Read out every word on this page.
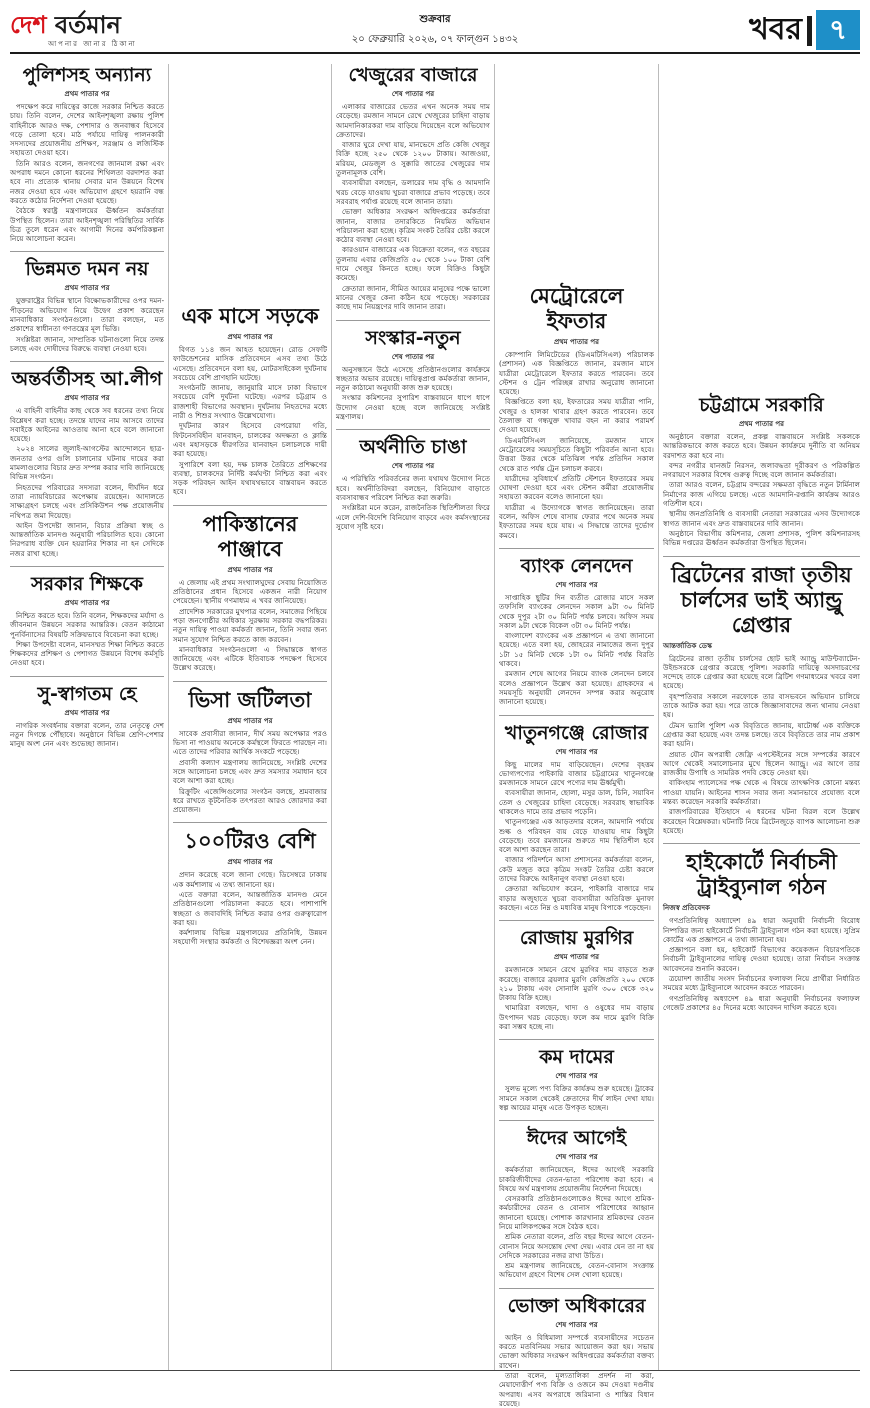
দেশ বর্তমান
আপনার জানার ঠিকানা
শুক্রবার
২০ ফেব্রুয়ারি ২০২৬, ০৭ ফাল্গুন ১৪৩২	খবর ৭
পুলিশসহ অন্যান্য
প্রথম পাতার পর

পদক্ষেপ করে দায়িত্বের কাজে সরকার নিশ্চিত করতে চায়। তিনি বলেন, দেশের আইনশৃঙ্খলা রক্ষায় পুলিশ বাহিনীকে আরও দক্ষ, পেশাদার ও জনবান্ধব হিসেবে গড়ে তোলা হবে। মাঠ পর্যায়ে দায়িত্ব পালনকারী সদস্যদের প্রয়োজনীয় প্রশিক্ষণ, সরঞ্জাম ও লজিস্টিক সহায়তা দেওয়া হবে।

তিনি আরও বলেন, জনগণের জানমাল রক্ষা এবং অপরাধ দমনে কোনো ধরনের শিথিলতা বরদাশত করা হবে না। প্রত্যেক থানায় সেবার মান উন্নয়নে বিশেষ নজর দেওয়া হবে এবং অভিযোগ গ্রহণে হয়রানি বন্ধ করতে কঠোর নির্দেশনা দেওয়া হয়েছে।

বৈঠকে স্বরাষ্ট্র মন্ত্রণালয়ের ঊর্ধ্বতন কর্মকর্তারা উপস্থিত ছিলেন। তারা আইনশৃঙ্খলা পরিস্থিতির সার্বিক চিত্র তুলে ধরেন এবং আগামী দিনের কর্মপরিকল্পনা নিয়ে আলোচনা করেন।

ভিন্নমত দমন নয়
প্রথম পাতার পর

যুক্তরাষ্ট্রের বিভিন্ন স্থানে বিক্ষোভকারীদের ওপর দমন-পীড়নের অভিযোগ নিয়ে উদ্বেগ প্রকাশ করেছেন মানবাধিকার সংগঠনগুলো। তারা বলছেন, মত প্রকাশের স্বাধীনতা গণতন্ত্রের মূল ভিত্তি।

সংশ্লিষ্টরা জানান, সাম্প্রতিক ঘটনাগুলো নিয়ে তদন্ত চলছে এবং দোষীদের বিরুদ্ধে ব্যবস্থা নেওয়া হবে।

অন্তর্বর্তীসহ আ.লীগ
প্রথম পাতার পর

এ বাহিনী বাহিনীর কাছ থেকে সব ধরনের তথ্য নিয়ে বিশ্লেষণ করা হচ্ছে। তদন্তে যাদের নাম আসবে তাদের সবাইকে আইনের আওতায় আনা হবে বলে জানানো হয়েছে।

২০২৪ সালের জুলাই-আগস্টের আন্দোলনে ছাত্র-জনতার ওপর গুলি চালানোর ঘটনায় দায়ের করা মামলাগুলোর বিচার দ্রুত সম্পন্ন করার দাবি জানিয়েছে বিভিন্ন সংগঠন।

নিহতদের পরিবারের সদস্যরা বলেন, দীর্ঘদিন ধরে তারা ন্যায়বিচারের অপেক্ষায় রয়েছেন। আদালতে সাক্ষ্যগ্রহণ চলছে এবং প্রসিকিউশন পক্ষ প্রয়োজনীয় নথিপত্র জমা দিয়েছে।

আইন উপদেষ্টা জানান, বিচার প্রক্রিয়া স্বচ্ছ ও আন্তর্জাতিক মানদণ্ড অনুযায়ী পরিচালিত হবে। কোনো নিরপরাধ ব্যক্তি যেন হয়রানির শিকার না হন সেদিকে নজর রাখা হচ্ছে।

সরকার শিক্ষকে
প্রথম পাতার পর

নিশ্চিত করতে হবে। তিনি বলেন, শিক্ষকদের মর্যাদা ও জীবনমান উন্নয়নে সরকার আন্তরিক। বেতন কাঠামো পুনর্বিন্যাসের বিষয়টি সক্রিয়ভাবে বিবেচনা করা হচ্ছে।

শিক্ষা উপদেষ্টা বলেন, মানসম্মত শিক্ষা নিশ্চিত করতে শিক্ষকদের প্রশিক্ষণ ও পেশাগত উন্নয়নে বিশেষ কর্মসূচি নেওয়া হবে।

সু-স্বাগতম হে
প্রথম পাতার পর

নাগরিক সংবর্ধনায় বক্তারা বলেন, তার নেতৃত্বে দেশ নতুন দিগন্তে পৌঁছাবে। অনুষ্ঠানে বিভিন্ন শ্রেণি-পেশার মানুষ অংশ নেন এবং শুভেচ্ছা জানান।

এক মাসে সড়কে
প্রথম পাতার পর

বিগত ১১৪ জন আহত হয়েছেন। রোড সেফটি ফাউন্ডেশনের মাসিক প্রতিবেদনে এসব তথ্য উঠে এসেছে। প্রতিবেদনে বলা হয়, মোটরসাইকেল দুর্ঘটনায় সবচেয়ে বেশি প্রাণহানি ঘটেছে।

সংগঠনটি জানায়, জানুয়ারি মাসে ঢাকা বিভাগে সবচেয়ে বেশি দুর্ঘটনা ঘটেছে। এরপর চট্টগ্রাম ও রাজশাহী বিভাগের অবস্থান। দুর্ঘটনায় নিহতদের মধ্যে নারী ও শিশুর সংখ্যাও উল্লেখযোগ্য।

দুর্ঘটনার কারণ হিসেবে বেপরোয়া গতি, ফিটনেসবিহীন যানবাহন, চালকের অদক্ষতা ও ক্লান্তি এবং মহাসড়কে ধীরগতির যানবাহন চলাচলকে দায়ী করা হয়েছে।

সুপারিশে বলা হয়, দক্ষ চালক তৈরিতে প্রশিক্ষণের ব্যবস্থা, চালকদের নির্দিষ্ট কর্মঘণ্টা নিশ্চিত করা এবং সড়ক পরিবহন আইন যথাযথভাবে বাস্তবায়ন করতে হবে।

পাকিস্তানের পাঞ্জাবে
প্রথম পাতার পর

এ জেলায় এই প্রথম সংখ্যালঘুদের সেবায় নিয়োজিত প্রতিষ্ঠানের প্রধান হিসেবে একজন নারী নিয়োগ পেয়েছেন। স্থানীয় গণমাধ্যম এ খবর জানিয়েছে।

প্রাদেশিক সরকারের মুখপাত্র বলেন, সমাজের পিছিয়ে পড়া জনগোষ্ঠীর অধিকার সুরক্ষায় সরকার বদ্ধপরিকর। নতুন দায়িত্ব পাওয়া কর্মকর্তা জানান, তিনি সবার জন্য সমান সুযোগ নিশ্চিত করতে কাজ করবেন।

মানবাধিকার সংগঠনগুলো এ সিদ্ধান্তকে স্বাগত জানিয়েছে এবং এটিকে ইতিবাচক পদক্ষেপ হিসেবে উল্লেখ করেছে।

ভিসা জটিলতা
প্রথম পাতার পর

সাবেক প্রবাসীরা জানান, দীর্ঘ সময় অপেক্ষার পরও ভিসা না পাওয়ায় অনেকে কর্মস্থলে ফিরতে পারছেন না। এতে তাদের পরিবার আর্থিক সংকটে পড়েছে।

প্রবাসী কল্যাণ মন্ত্রণালয় জানিয়েছে, সংশ্লিষ্ট দেশের সঙ্গে আলোচনা চলছে এবং দ্রুত সমস্যার সমাধান হবে বলে আশা করা হচ্ছে।

রিক্রুটিং এজেন্সিগুলোর সংগঠন বলছে, শ্রমবাজার ধরে রাখতে কূটনৈতিক তৎপরতা আরও জোরদার করা প্রয়োজন।

১০০টিরও বেশি
প্রথম পাতার পর

প্রদান করেছে বলে জানা গেছে। ডিসেম্বরে ঢাকায় এক কর্মশালায় এ তথ্য জানানো হয়।

এতে বক্তারা বলেন, আন্তর্জাতিক মানদণ্ড মেনে প্রতিষ্ঠানগুলো পরিচালনা করতে হবে। পাশাপাশি স্বচ্ছতা ও জবাবদিহি নিশ্চিত করার ওপর গুরুত্বারোপ করা হয়।

কর্মশালায় বিভিন্ন মন্ত্রণালয়ের প্রতিনিধি, উন্নয়ন সহযোগী সংস্থার কর্মকর্তা ও বিশেষজ্ঞরা অংশ নেন।

খেজুরের বাজারে
শেষ পাতার পর

এলাকার বাজারের ভেতর এখন অনেক সময় দাম বেড়েছে। রমজান সামনে রেখে খেজুরের চাহিদা বাড়ায় আমদানিকারকরা দাম বাড়িয়ে দিয়েছেন বলে অভিযোগ ক্রেতাদের।

বাজার ঘুরে দেখা যায়, মানভেদে প্রতি কেজি খেজুর বিক্রি হচ্ছে ২৫০ থেকে ১২০০ টাকায়। আজওয়া, মরিয়ম, মেডজুল ও সুক্কারি জাতের খেজুরের দাম তুলনামূলক বেশি।

ব্যবসায়ীরা বলছেন, ডলারের দাম বৃদ্ধি ও আমদানি খরচ বেড়ে যাওয়ায় খুচরা বাজারে প্রভাব পড়েছে। তবে সরবরাহ পর্যাপ্ত রয়েছে বলে জানান তারা।

ভোক্তা অধিকার সংরক্ষণ অধিদপ্তরের কর্মকর্তারা জানান, বাজার তদারকিতে নিয়মিত অভিযান পরিচালনা করা হচ্ছে। কৃত্রিম সংকট তৈরির চেষ্টা করলে কঠোর ব্যবস্থা নেওয়া হবে।

কারওয়ান বাজারের এক বিক্রেতা বলেন, গত বছরের তুলনায় এবার কেজিপ্রতি ৫০ থেকে ১০০ টাকা বেশি দামে খেজুর কিনতে হচ্ছে। ফলে বিক্রিও কিছুটা কমেছে।

ক্রেতারা জানান, সীমিত আয়ের মানুষের পক্ষে ভালো মানের খেজুর কেনা কঠিন হয়ে পড়েছে। সরকারের কাছে দাম নিয়ন্ত্রণের দাবি জানান তারা।

সংস্কার-নতুন
শেষ পাতার পর

অনুসন্ধানে উঠে এসেছে প্রতিষ্ঠানগুলোর কার্যক্রমে স্বচ্ছতার অভাব রয়েছে। দায়িত্বপ্রাপ্ত কর্মকর্তারা জানান, নতুন কাঠামো অনুযায়ী কাজ শুরু হয়েছে।

সংস্কার কমিশনের সুপারিশ বাস্তবায়নে ধাপে ধাপে উদ্যোগ নেওয়া হচ্ছে বলে জানিয়েছে সংশ্লিষ্ট মন্ত্রণালয়।

অর্থনীতি চাঙা
শেষ পাতার পর

এ পরিস্থিতি পরিবর্তনের জন্য যথাযথ উদ্যোগ নিতে হবে। অর্থনীতিবিদরা বলছেন, বিনিয়োগ বাড়াতে ব্যবসাবান্ধব পরিবেশ নিশ্চিত করা জরুরি।

সংশ্লিষ্টরা মনে করেন, রাজনৈতিক স্থিতিশীলতা ফিরে এলে দেশি-বিদেশি বিনিয়োগ বাড়বে এবং কর্মসংস্থানের সুযোগ সৃষ্টি হবে।

মেট্রোরেলে ইফতার
প্রথম পাতার পর

কোম্পানি লিমিটেডের (ডিএমটিসিএল) পরিচালক (প্রশাসন) এক বিজ্ঞপ্তিতে জানান, রমজান মাসে যাত্রীরা মেট্রোরেলে ইফতার করতে পারবেন। তবে স্টেশন ও ট্রেন পরিচ্ছন্ন রাখার অনুরোধ জানানো হয়েছে।

বিজ্ঞপ্তিতে বলা হয়, ইফতারের সময় যাত্রীরা পানি, খেজুর ও হালকা খাবার গ্রহণ করতে পারবেন। তবে তৈলাক্ত বা গন্ধযুক্ত খাবার বহন না করার পরামর্শ দেওয়া হয়েছে।

ডিএমটিসিএল জানিয়েছে, রমজান মাসে মেট্রোরেলের সময়সূচিতে কিছুটা পরিবর্তন আনা হবে। উত্তরা উত্তর থেকে মতিঝিল পর্যন্ত প্রতিদিন সকাল থেকে রাত পর্যন্ত ট্রেন চলাচল করবে।

যাত্রীদের সুবিধার্থে প্রতিটি স্টেশনে ইফতারের সময় ঘোষণা দেওয়া হবে এবং স্টেশন কর্মীরা প্রয়োজনীয় সহায়তা করবেন বলেও জানানো হয়।

যাত্রীরা এ উদ্যোগকে স্বাগত জানিয়েছেন। তারা বলেন, অফিস শেষে বাসায় ফেরার পথে অনেক সময় ইফতারের সময় হয়ে যায়। এ সিদ্ধান্তে তাদের দুর্ভোগ কমবে।

ব্যাংক লেনদেন
শেষ পাতার পর

সাপ্তাহিক ছুটির দিন ব্যতীত রোজার মাসে সকল তফসিলি ব্যাংকের লেনদেন সকাল ৯টা ৩০ মিনিট থেকে দুপুর ২টা ৩০ মিনিট পর্যন্ত চলবে। অফিস সময় সকাল ৯টা থেকে বিকেল ৩টা ৩০ মিনিট পর্যন্ত।

বাংলাদেশ ব্যাংকের এক প্রজ্ঞাপনে এ তথ্য জানানো হয়েছে। এতে বলা হয়, জোহরের নামাজের জন্য দুপুর ১টা ১৫ মিনিট থেকে ১টা ৩০ মিনিট পর্যন্ত বিরতি থাকবে।

রমজান শেষে আগের নিয়মে ব্যাংক লেনদেন চলবে বলেও প্রজ্ঞাপনে উল্লেখ করা হয়েছে। গ্রাহকদের এ সময়সূচি অনুযায়ী লেনদেন সম্পন্ন করার অনুরোধ জানানো হয়েছে।

খাতুনগঞ্জে রোজার
শেষ পাতার পর

কিছু মালের দাম বাড়িয়েছেন। দেশের বৃহত্তম ভোগ্যপণ্যের পাইকারি বাজার চট্টগ্রামের খাতুনগঞ্জে রমজানকে সামনে রেখে পণ্যের দাম ঊর্ধ্বমুখী।

ব্যবসায়ীরা জানান, ছোলা, মসুর ডাল, চিনি, সয়াবিন তেল ও খেজুরের চাহিদা বেড়েছে। সরবরাহ স্বাভাবিক থাকলেও দামে তার প্রভাব পড়েনি।

খাতুনগঞ্জের এক আড়তদার বলেন, আমদানি পর্যায়ে শুল্ক ও পরিবহন ব্যয় বেড়ে যাওয়ায় দাম কিছুটা বেড়েছে। তবে রমজানের শুরুতে দাম স্থিতিশীল হবে বলে আশা করছেন তারা।

বাজার পরিদর্শনে আসা প্রশাসনের কর্মকর্তারা বলেন, কেউ মজুত করে কৃত্রিম সংকট তৈরির চেষ্টা করলে তাদের বিরুদ্ধে আইনানুগ ব্যবস্থা নেওয়া হবে।

ক্রেতারা অভিযোগ করেন, পাইকারি বাজারে দাম বাড়ার অজুহাতে খুচরা ব্যবসায়ীরা অতিরিক্ত মুনাফা করছেন। এতে নিম্ন ও মধ্যবিত্ত মানুষ বিপাকে পড়েছেন।

রোজায় মুরগির
প্রথম পাতার পর

রমজানকে সামনে রেখে মুরগির দাম বাড়তে শুরু করেছে। বাজারে ব্রয়লার মুরগি কেজিপ্রতি ২০০ থেকে ২১০ টাকায় এবং সোনালি মুরগি ৩০০ থেকে ৩২০ টাকায় বিক্রি হচ্ছে।

খামারিরা বলছেন, খাদ্য ও ওষুধের দাম বাড়ায় উৎপাদন খরচ বেড়েছে। ফলে কম দামে মুরগি বিক্রি করা সম্ভব হচ্ছে না।

কম দামের
শেষ পাতার পর

সুলভ মূল্যে পণ্য বিক্রির কার্যক্রম শুরু হয়েছে। ট্রাকের সামনে সকাল থেকেই ক্রেতাদের দীর্ঘ লাইন দেখা যায়। স্বল্প আয়ের মানুষ এতে উপকৃত হচ্ছেন।

ঈদের আগেই
শেষ পাতার পর

কর্মকর্তারা জানিয়েছেন, ঈদের আগেই সরকারি চাকরিজীবীদের বেতন-ভাতা পরিশোধ করা হবে। এ বিষয়ে অর্থ মন্ত্রণালয় প্রয়োজনীয় নির্দেশনা দিয়েছে।

বেসরকারি প্রতিষ্ঠানগুলোকেও ঈদের আগে শ্রমিক-কর্মচারীদের বেতন ও বোনাস পরিশোধের আহ্বান জানানো হয়েছে। পোশাক কারখানার শ্রমিকদের বেতন নিয়ে মালিকপক্ষের সঙ্গে বৈঠক হবে।

শ্রমিক নেতারা বলেন, প্রতি বছর ঈদের আগে বেতন-বোনাস নিয়ে অসন্তোষ দেখা দেয়। এবার যেন তা না হয় সেদিকে সরকারের নজর রাখা উচিত।

শ্রম মন্ত্রণালয় জানিয়েছে, বেতন-বোনাস সংক্রান্ত অভিযোগ গ্রহণে বিশেষ সেল খোলা হয়েছে।

ভোক্তা অধিকারের
শেষ পাতার পর

আইন ও বিধিমালা সম্পর্কে ব্যবসায়ীদের সচেতন করতে মতবিনিময় সভার আয়োজন করা হয়। সভায় ভোক্তা অধিকার সংরক্ষণ অধিদপ্তরের কর্মকর্তারা বক্তব্য রাখেন।

তারা বলেন, মূল্যতালিকা প্রদর্শন না করা, মেয়াদোত্তীর্ণ পণ্য বিক্রি ও ওজনে কম দেওয়া দণ্ডনীয় অপরাধ। এসব অপরাধে জরিমানা ও শাস্তির বিধান রয়েছে।

চট্টগ্রামে সরকারি
প্রথম পাতার পর

অনুষ্ঠানে বক্তারা বলেন, প্রকল্প বাস্তবায়নে সংশ্লিষ্ট সকলকে আন্তরিকভাবে কাজ করতে হবে। উন্নয়ন কার্যক্রমে দুর্নীতি বা অনিয়ম বরদাশত করা হবে না।

বন্দর নগরীর যানজট নিরসন, জলাবদ্ধতা দূরীকরণ ও পরিকল্পিত নগরায়ণে সরকার বিশেষ গুরুত্ব দিচ্ছে বলে জানান কর্মকর্তারা।

তারা আরও বলেন, চট্টগ্রাম বন্দরের সক্ষমতা বৃদ্ধিতে নতুন টার্মিনাল নির্মাণের কাজ এগিয়ে চলছে। এতে আমদানি-রপ্তানি কার্যক্রম আরও গতিশীল হবে।

স্থানীয় জনপ্রতিনিধি ও ব্যবসায়ী নেতারা সরকারের এসব উদ্যোগকে স্বাগত জানান এবং দ্রুত বাস্তবায়নের দাবি জানান।

অনুষ্ঠানে বিভাগীয় কমিশনার, জেলা প্রশাসক, পুলিশ কমিশনারসহ বিভিন্ন দপ্তরের ঊর্ধ্বতন কর্মকর্তারা উপস্থিত ছিলেন।

ব্রিটেনের রাজা তৃতীয় চার্লসের ভাই অ্যান্ড্রু গ্রেপ্তার
আন্তর্জাতিক ডেস্ক

ব্রিটেনের রাজা তৃতীয় চার্লসের ছোট ভাই অ্যান্ড্রু মাউন্টব্যাটেন-উইন্ডসরকে গ্রেপ্তার করেছে পুলিশ। সরকারি দায়িত্বে অসদাচরণের সন্দেহে তাকে গ্রেপ্তার করা হয়েছে বলে ব্রিটিশ গণমাধ্যমের খবরে বলা হয়েছে।

বৃহস্পতিবার সকালে নরফোকে তার বাসভবনে অভিযান চালিয়ে তাকে আটক করা হয়। পরে তাকে জিজ্ঞাসাবাদের জন্য থানায় নেওয়া হয়।

টেমস ভ্যালি পুলিশ এক বিবৃতিতে জানায়, ষাটোর্ধ্ব এক ব্যক্তিকে গ্রেপ্তার করা হয়েছে এবং তদন্ত চলছে। তবে বিবৃতিতে তার নাম প্রকাশ করা হয়নি।

প্রয়াত যৌন অপরাধী জেফ্রি এপস্টেইনের সঙ্গে সম্পর্কের কারণে আগে থেকেই সমালোচনার মুখে ছিলেন অ্যান্ড্রু। এর আগে তার রাজকীয় উপাধি ও সামরিক পদবি কেড়ে নেওয়া হয়।

বাকিংহাম প্যালেসের পক্ষ থেকে এ বিষয়ে তাৎক্ষণিক কোনো মন্তব্য পাওয়া যায়নি। আইনের শাসন সবার জন্য সমানভাবে প্রযোজ্য বলে মন্তব্য করেছেন সরকারি কর্মকর্তারা।

রাজপরিবারের ইতিহাসে এ ধরনের ঘটনা বিরল বলে উল্লেখ করেছেন বিশ্লেষকরা। ঘটনাটি নিয়ে ব্রিটেনজুড়ে ব্যাপক আলোচনা শুরু হয়েছে।

হাইকোর্টে নির্বাচনী ট্রাইব্যুনাল গঠন
নিজস্ব প্রতিবেদক

গণপ্রতিনিধিত্ব অধ্যাদেশ ৪৯ ধারা অনুযায়ী নির্বাচনী বিরোধ নিষ্পত্তির জন্য হাইকোর্টে নির্বাচনী ট্রাইব্যুনাল গঠন করা হয়েছে। সুপ্রিম কোর্টের এক প্রজ্ঞাপনে এ তথ্য জানানো হয়।

প্রজ্ঞাপনে বলা হয়, হাইকোর্ট বিভাগের কয়েকজন বিচারপতিকে নির্বাচনী ট্রাইব্যুনালের দায়িত্ব দেওয়া হয়েছে। তারা নির্বাচন সংক্রান্ত আবেদনের শুনানি করবেন।

ত্রয়োদশ জাতীয় সংসদ নির্বাচনের ফলাফল নিয়ে প্রার্থীরা নির্ধারিত সময়ের মধ্যে ট্রাইব্যুনালে আবেদন করতে পারবেন।

গণপ্রতিনিধিত্ব অধ্যাদেশ ৪৯ ধারা অনুযায়ী নির্বাচনের ফলাফল গেজেট প্রকাশের ৪৫ দিনের মধ্যে আবেদন দাখিল করতে হবে।
